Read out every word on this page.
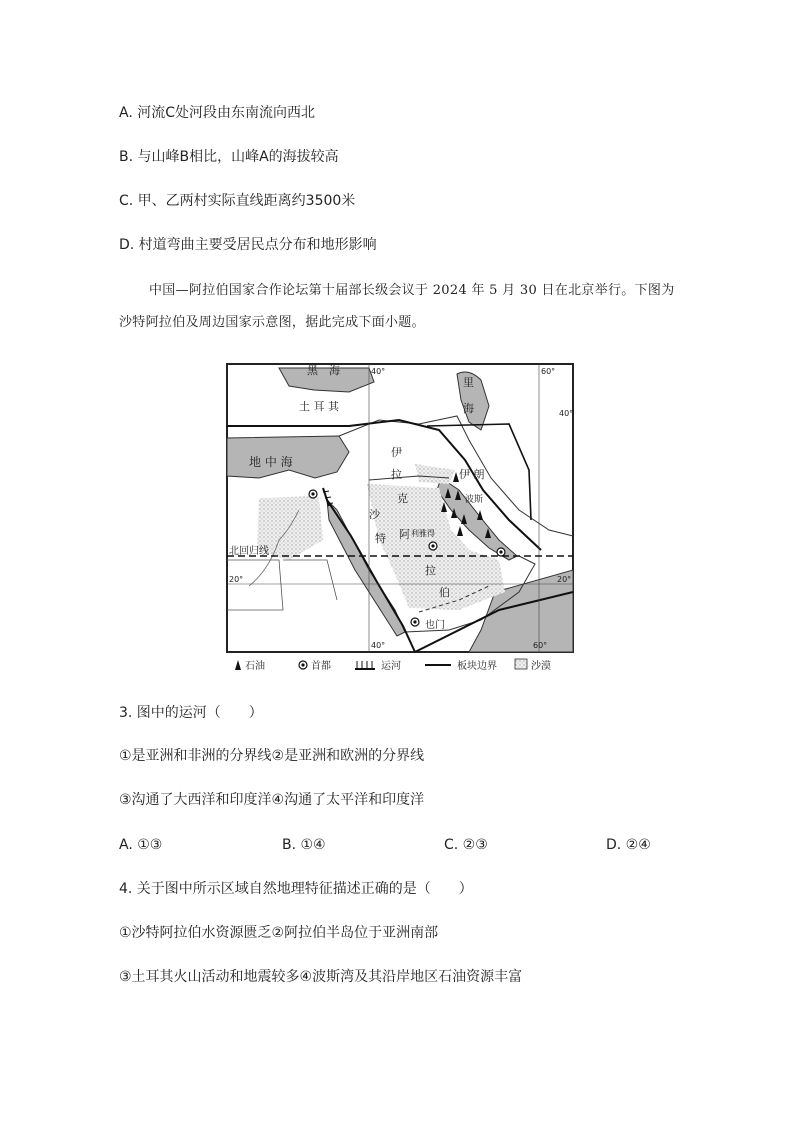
A. 河流C处河段由东南流向西北
B. 与山峰B相比，山峰A的海拔较高
C. 甲、乙两村实际直线距离约3500米
D. 村道弯曲主要受居民点分布和地形影响
中国—阿拉伯国家合作论坛第十届部长级会议于 2024 年 5 月 30 日在北京举行。下图为
沙特阿拉伯及周边国家示意图，据此完成下面小题。
黑　海
土 耳 其
里
海
地 中 海
伊
拉
克
伊 朗
沙
特 阿
拉
伯
利雅得
波斯
也门
北回归线
40°	60°
40°
20°	20°
40°	60°
石油	首都	运河	板块边界	沙漠
3. 图中的运河（　　）
①是亚洲和非洲的分界线②是亚洲和欧洲的分界线
③沟通了大西洋和印度洋④沟通了太平洋和印度洋
A. ①③	B. ①④	C. ②③	D. ②④
4. 关于图中所示区域自然地理特征描述正确的是（　　）
①沙特阿拉伯水资源匮乏②阿拉伯半岛位于亚洲南部
③土耳其火山活动和地震较多④波斯湾及其沿岸地区石油资源丰富
